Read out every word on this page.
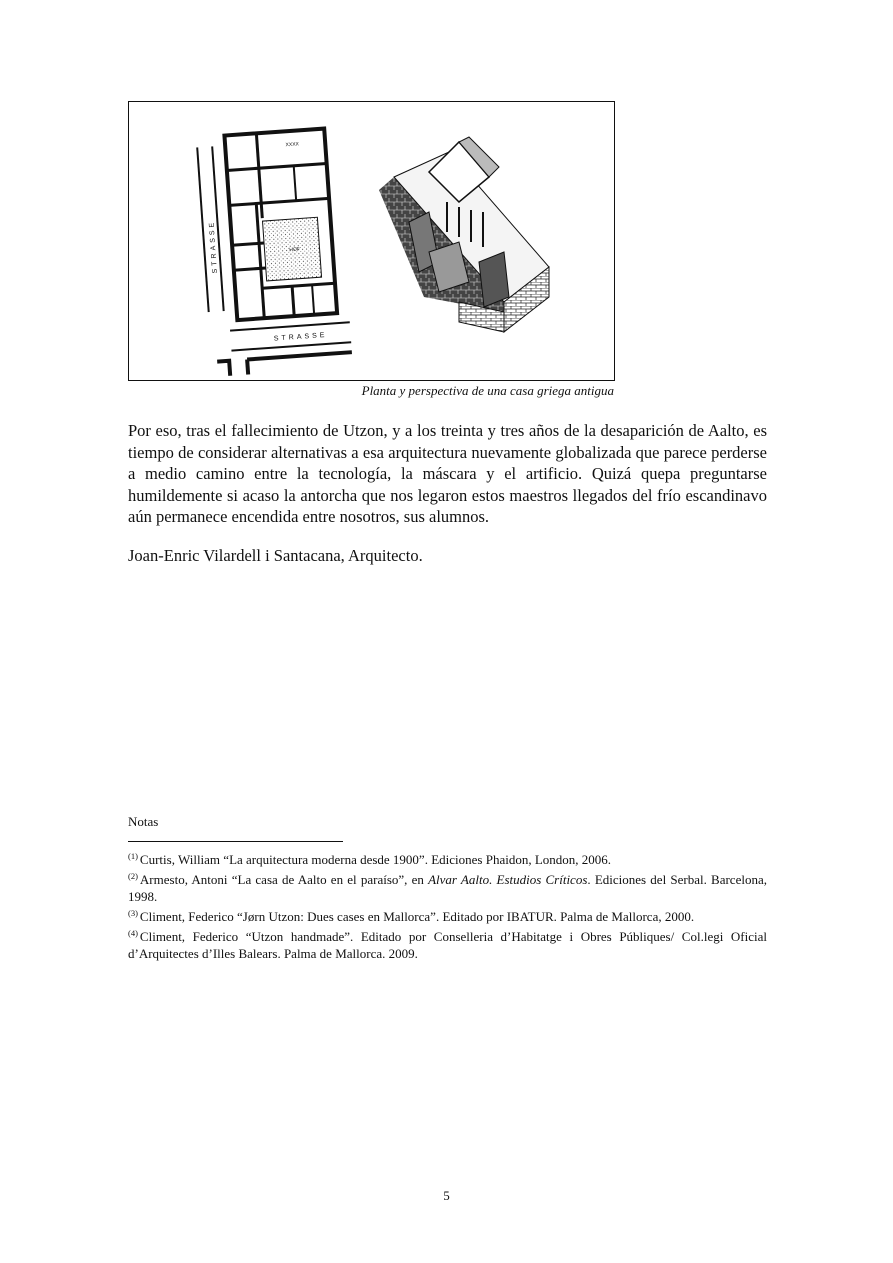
STRASSE
XXXX
HOF
STRASSE
Planta y perspectiva de una casa griega antigua
Por eso, tras el fallecimiento de Utzon, y a los treinta y tres años de la desaparición de Aalto, es tiempo de considerar alternativas a esa arquitectura nuevamente globalizada que parece perderse a medio camino entre la tecnología, la máscara y el artificio. Quizá quepa preguntarse humildemente si acaso la antorcha que nos legaron estos maestros llegados del frío escandinavo aún permanece encendida entre nosotros, sus alumnos.
Joan-Enric Vilardell i Santacana, Arquitecto.
Notas

$^{(1)}$ Curtis, William “La arquitectura moderna desde 1900”. Ediciones Phaidon, London, 2006.

$^{(2)}$ Armesto, Antoni “La casa de Aalto en el paraíso”, en Alvar Aalto. Estudios Críticos. Ediciones del Serbal. Barcelona, 1998.

$^{(3)}$ Climent, Federico “Jørn Utzon: Dues cases en Mallorca”. Editado por IBATUR. Palma de Mallorca, 2000.

$^{(4)}$ Climent, Federico “Utzon handmade”. Editado por Conselleria d’Habitatge i Obres Públiques/ Col.legi Oficial d’Arquitectes d’Illes Balears. Palma de Mallorca. 2009.

5
